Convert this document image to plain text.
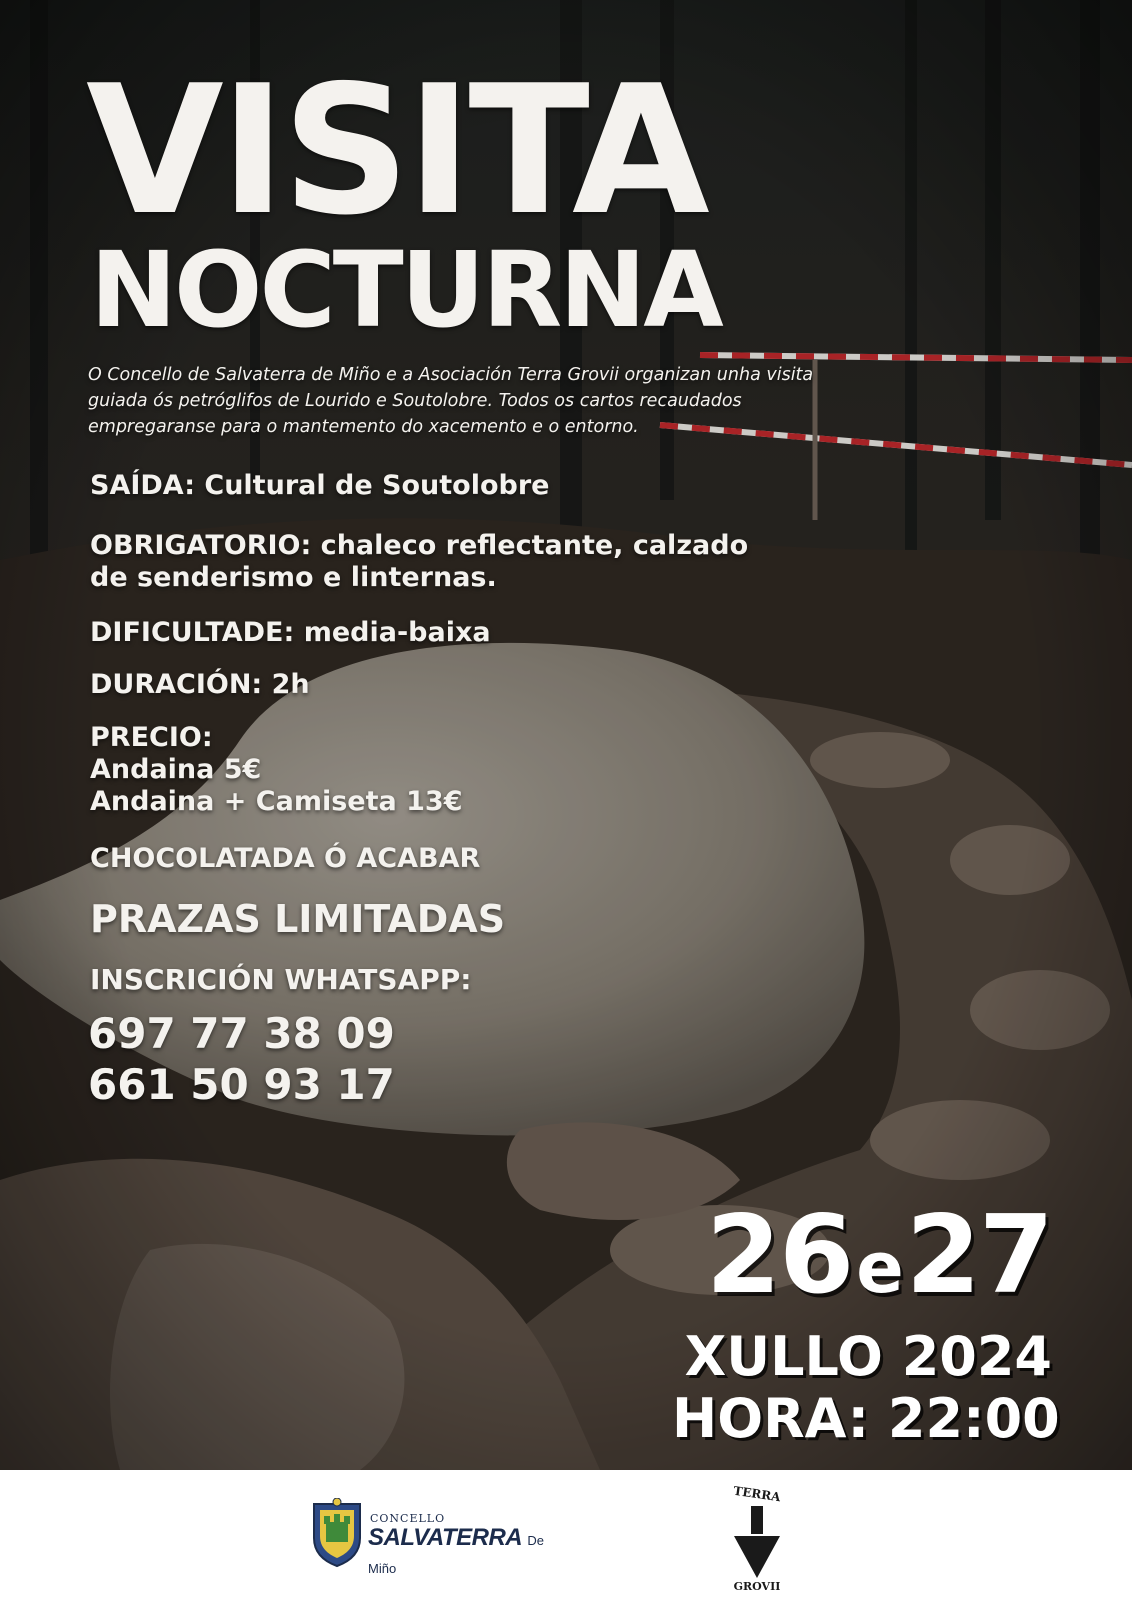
VISITA
NOCTURNA
O Concello de Salvaterra de Miño e a Asociación Terra Grovii organizan unha visita guiada ós petróglifos de Lourido e Soutolobre. Todos os cartos recaudados empregaranse para o mantemento do xacemento e o entorno.
SAÍDA: Cultural de Soutolobre
OBRIGATORIO: chaleco reflectante, calzado
de senderismo e linternas.
DIFICULTADE: media-baixa
DURACIÓN: 2h
PRECIO:
Andaina 5€
Andaina + Camiseta 13€
CHOCOLATADA Ó ACABAR
PRAZAS LIMITADAS
INSCRICIÓN WHATSAPP:
697 77 38 09
661 50 93 17
26e27
XULLO 2024
HORA: 22:00
CONCELLO
SALVATERRA De Miño
TERRA
GROVII
